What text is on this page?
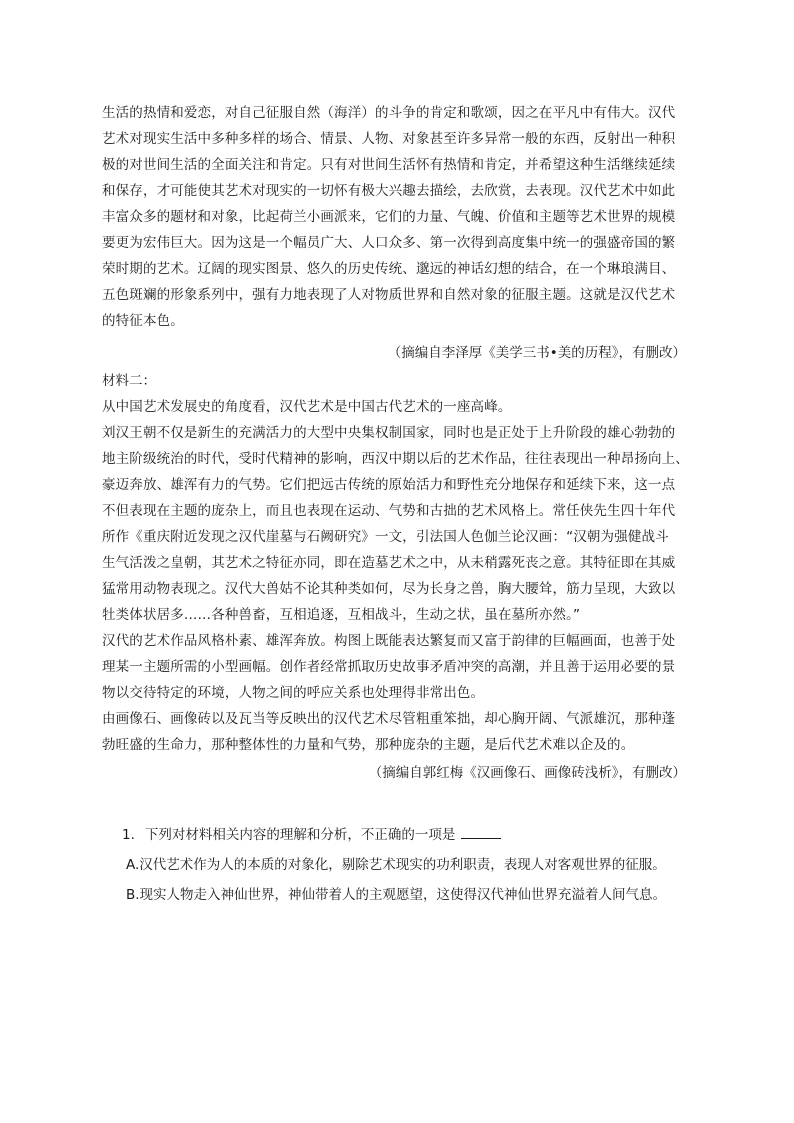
生活的热情和爱恋，对自己征服自然（海洋）的斗争的肯定和歌颂，因之在平凡中有伟大。汉代
艺术对现实生活中多种多样的场合、情景、人物、对象甚至许多异常一般的东西，反射出一种积
极的对世间生活的全面关注和肯定。只有对世间生活怀有热情和肯定，并希望这种生活继续延续
和保存，才可能使其艺术对现实的一切怀有极大兴趣去描绘，去欣赏，去表现。汉代艺术中如此
丰富众多的题材和对象，比起荷兰小画派来，它们的力量、气魄、价值和主题等艺术世界的规模
要更为宏伟巨大。因为这是一个幅员广大、人口众多、第一次得到高度集中统一的强盛帝国的繁
荣时期的艺术。辽阔的现实图景、悠久的历史传统、邈远的神话幻想的结合，在一个琳琅满目、
五色斑斓的形象系列中，强有力地表现了人对物质世界和自然对象的征服主题。这就是汉代艺术
的特征本色。

（摘编自李泽厚《美学三书•美的历程》，有删改）

材料二：

从中国艺术发展史的角度看，汉代艺术是中国古代艺术的一座高峰。

刘汉王朝不仅是新生的充满活力的大型中央集权制国家，同时也是正处于上升阶段的雄心勃勃的
地主阶级统治的时代，受时代精神的影响，西汉中期以后的艺术作品，往往表现出一种昂扬向上、
豪迈奔放、雄浑有力的气势。它们把远古传统的原始活力和野性充分地保存和延续下来，这一点
不但表现在主题的庞杂上，而且也表现在运动、气势和古拙的艺术风格上。常任侠先生四十年代
所作《重庆附近发现之汉代崖墓与石阙研究》一文，引法国人色伽兰论汉画：“汉朝为强健战斗
生气活泼之皇朝，其艺术之特征亦同，即在造墓艺术之中，从未稍露死丧之意。其特征即在其威
猛常用动物表现之。汉代大兽姑不论其种类如何，尽为长身之兽，胸大腰耸，筋力呈现，大致以
牡类体状居多……各种兽畜，互相追逐，互相战斗，生动之状，虽在墓所亦然。”

汉代的艺术作品风格朴素、雄浑奔放。构图上既能表达繁复而又富于韵律的巨幅画面，也善于处
理某一主题所需的小型画幅。创作者经常抓取历史故事矛盾冲突的高潮，并且善于运用必要的景
物以交待特定的环境，人物之间的呼应关系也处理得非常出色。

由画像石、画像砖以及瓦当等反映出的汉代艺术尽管粗重笨拙，却心胸开阔、气派雄沉，那种蓬
勃旺盛的生命力，那种整体性的力量和气势，那种庞杂的主题，是后代艺术难以企及的。

（摘编自郭红梅《汉画像石、画像砖浅析》，有删改）

1. 下列对材料相关内容的理解和分析，不正确的一项是

A.汉代艺术作为人的本质的对象化，剔除艺术现实的功利职责，表现人对客观世界的征服。

B.现实人物走入神仙世界，神仙带着人的主观愿望，这使得汉代神仙世界充溢着人间气息。
